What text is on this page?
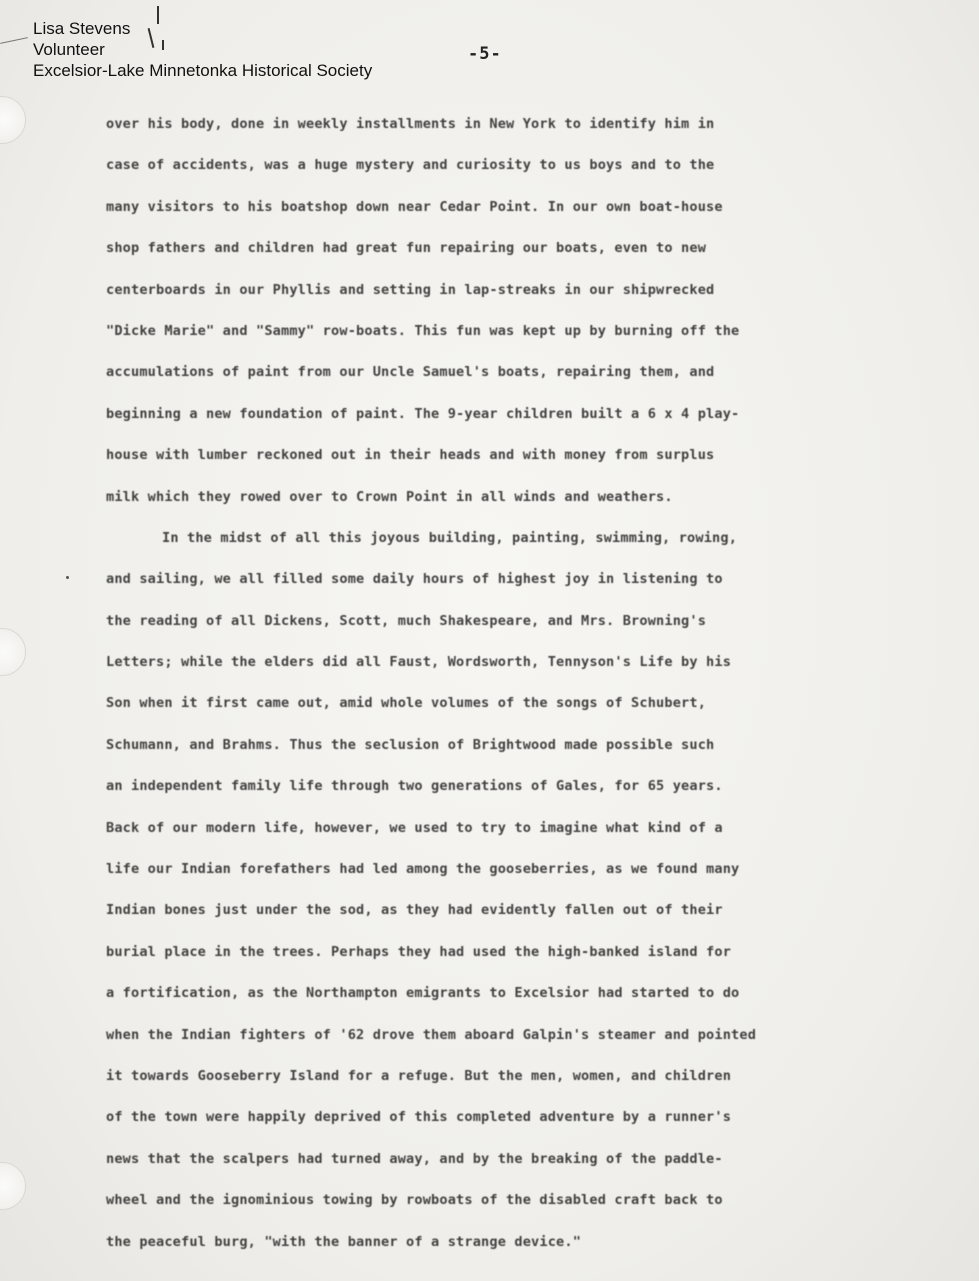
Lisa Stevens
Volunteer
Excelsior-Lake Minnetonka Historical Society
-5-
over his body, done in weekly installments in New York to identify him in
case of accidents, was a huge mystery and curiosity to us boys and to the
many visitors to his boatshop down near Cedar Point. In our own boat-house
shop fathers and children had great fun repairing our boats, even to new
centerboards in our Phyllis and setting in lap-streaks in our shipwrecked
"Dicke Marie" and "Sammy" row-boats. This fun was kept up by burning off the
accumulations of paint from our Uncle Samuel's boats, repairing them, and
beginning a new foundation of paint. The 9-year children built a 6 x 4 play-
house with lumber reckoned out in their heads and with money from surplus
milk which they rowed over to Crown Point in all winds and weathers.
In the midst of all this joyous building, painting, swimming, rowing,
and sailing, we all filled some daily hours of highest joy in listening to
the reading of all Dickens, Scott, much Shakespeare, and Mrs. Browning's
Letters; while the elders did all Faust, Wordsworth, Tennyson's Life by his
Son when it first came out, amid whole volumes of the songs of Schubert,
Schumann, and Brahms. Thus the seclusion of Brightwood made possible such
an independent family life through two generations of Gales, for 65 years.
Back of our modern life, however, we used to try to imagine what kind of a
life our Indian forefathers had led among the gooseberries, as we found many
Indian bones just under the sod, as they had evidently fallen out of their
burial place in the trees. Perhaps they had used the high-banked island for
a fortification, as the Northampton emigrants to Excelsior had started to do
when the Indian fighters of '62 drove them aboard Galpin's steamer and pointed
it towards Gooseberry Island for a refuge. But the men, women, and children
of the town were happily deprived of this completed adventure by a runner's
news that the scalpers had turned away, and by the breaking of the paddle-
wheel and the ignominious towing by rowboats of the disabled craft back to
the peaceful burg, "with the banner of a strange device."
